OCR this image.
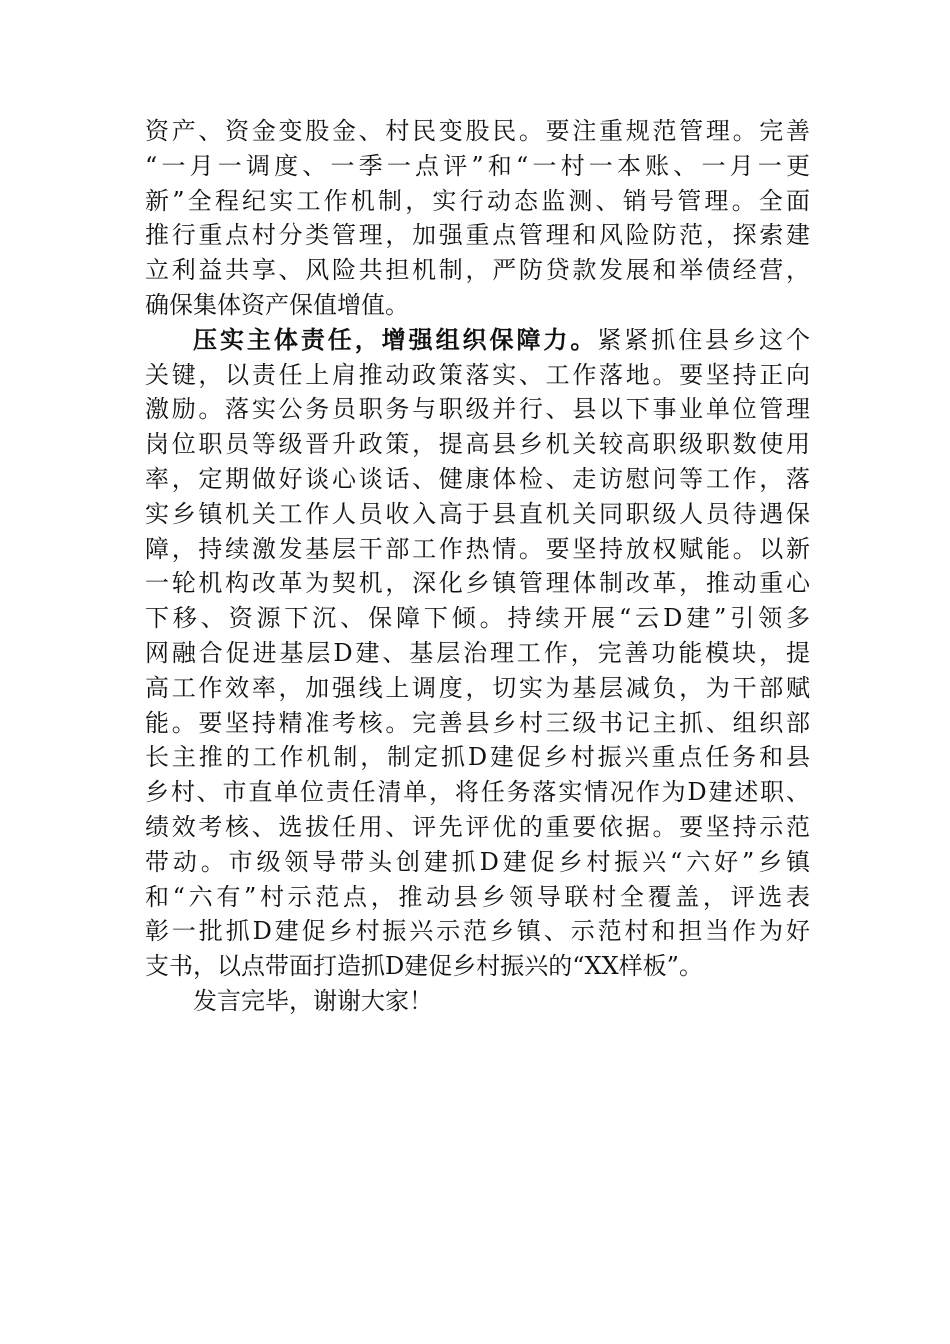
资产、资金变股金、村民变股民。要注重规范管理。完善
“一月一调度、一季一点评”和“一村一本账、一月一更
新”全程纪实工作机制，实行动态监测、销号管理。全面
推行重点村分类管理，加强重点管理和风险防范，探索建
立利益共享、风险共担机制，严防贷款发展和举债经营，
确保集体资产保值增值。
压实主体责任，增强组织保障力。紧紧抓住县乡这个
关键，以责任上肩推动政策落实、工作落地。要坚持正向
激励。落实公务员职务与职级并行、县以下事业单位管理
岗位职员等级晋升政策，提高县乡机关较高职级职数使用
率，定期做好谈心谈话、健康体检、走访慰问等工作，落
实乡镇机关工作人员收入高于县直机关同职级人员待遇保
障，持续激发基层干部工作热情。要坚持放权赋能。以新
一轮机构改革为契机，深化乡镇管理体制改革，推动重心
下移、资源下沉、保障下倾。持续开展“云D建”引领多
网融合促进基层D建、基层治理工作，完善功能模块，提
高工作效率，加强线上调度，切实为基层减负，为干部赋
能。要坚持精准考核。完善县乡村三级书记主抓、组织部
长主推的工作机制，制定抓D建促乡村振兴重点任务和县
乡村、市直单位责任清单，将任务落实情况作为D建述职、
绩效考核、选拔任用、评先评优的重要依据。要坚持示范
带动。市级领导带头创建抓D建促乡村振兴“六好”乡镇
和“六有”村示范点，推动县乡领导联村全覆盖，评选表
彰一批抓D建促乡村振兴示范乡镇、示范村和担当作为好
支书，以点带面打造抓D建促乡村振兴的“XX样板”。
发言完毕，谢谢大家！
